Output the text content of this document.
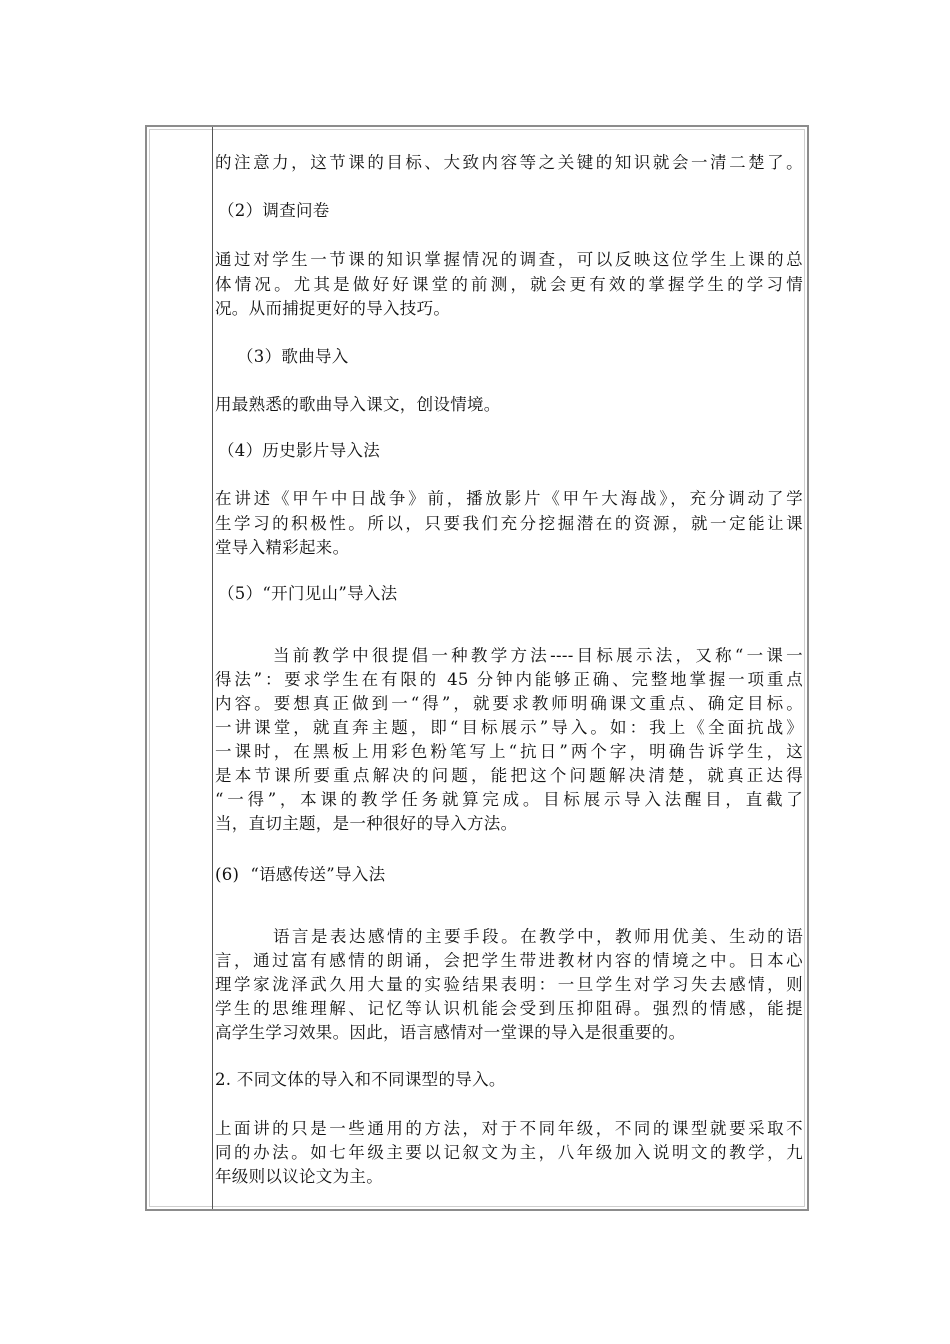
的注意力，这节课的目标、大致内容等之关键的知识就会一清二楚了。
（2）调查问卷
通过对学生一节课的知识掌握情况的调查，可以反映这位学生上课的总
体情况。尤其是做好好课堂的前测，就会更有效的掌握学生的学习情
况。从而捕捉更好的导入技巧。
（3）歌曲导入
用最熟悉的歌曲导入课文，创设情境。
（4）历史影片导入法
在讲述《甲午中日战争》前，播放影片《甲午大海战》，充分调动了学
生学习的积极性。所以，只要我们充分挖掘潜在的资源，就一定能让课
堂导入精彩起来。
（5）“开门见山”导入法
当前教学中很提倡一种教学方法----目标展示法，又称“一课一
得法”：要求学生在有限的 45 分钟内能够正确、完整地掌握一项重点
内容。要想真正做到一“得”，就要求教师明确课文重点、确定目标。
一讲课堂，就直奔主题，即“目标展示”导入。如：我上《全面抗战》
一课时，在黑板上用彩色粉笔写上“抗日”两个字，明确告诉学生，这
是本节课所要重点解决的问题，能把这个问题解决清楚，就真正达得
“一得”，本课的教学任务就算完成。目标展示导入法醒目，直截了
当，直切主题，是一种很好的导入方法。
(6)  “语感传送”导入法
语言是表达感情的主要手段。在教学中，教师用优美、生动的语
言，通过富有感情的朗诵，会把学生带进教材内容的情境之中。日本心
理学家泷泽武久用大量的实验结果表明：一旦学生对学习失去感情，则
学生的思维理解、记忆等认识机能会受到压抑阻碍。强烈的情感，能提
高学生学习效果。因此，语言感情对一堂课的导入是很重要的。
2. 不同文体的导入和不同课型的导入。
上面讲的只是一些通用的方法，对于不同年级，不同的课型就要采取不
同的办法。如七年级主要以记叙文为主，八年级加入说明文的教学，九
年级则以议论文为主。
